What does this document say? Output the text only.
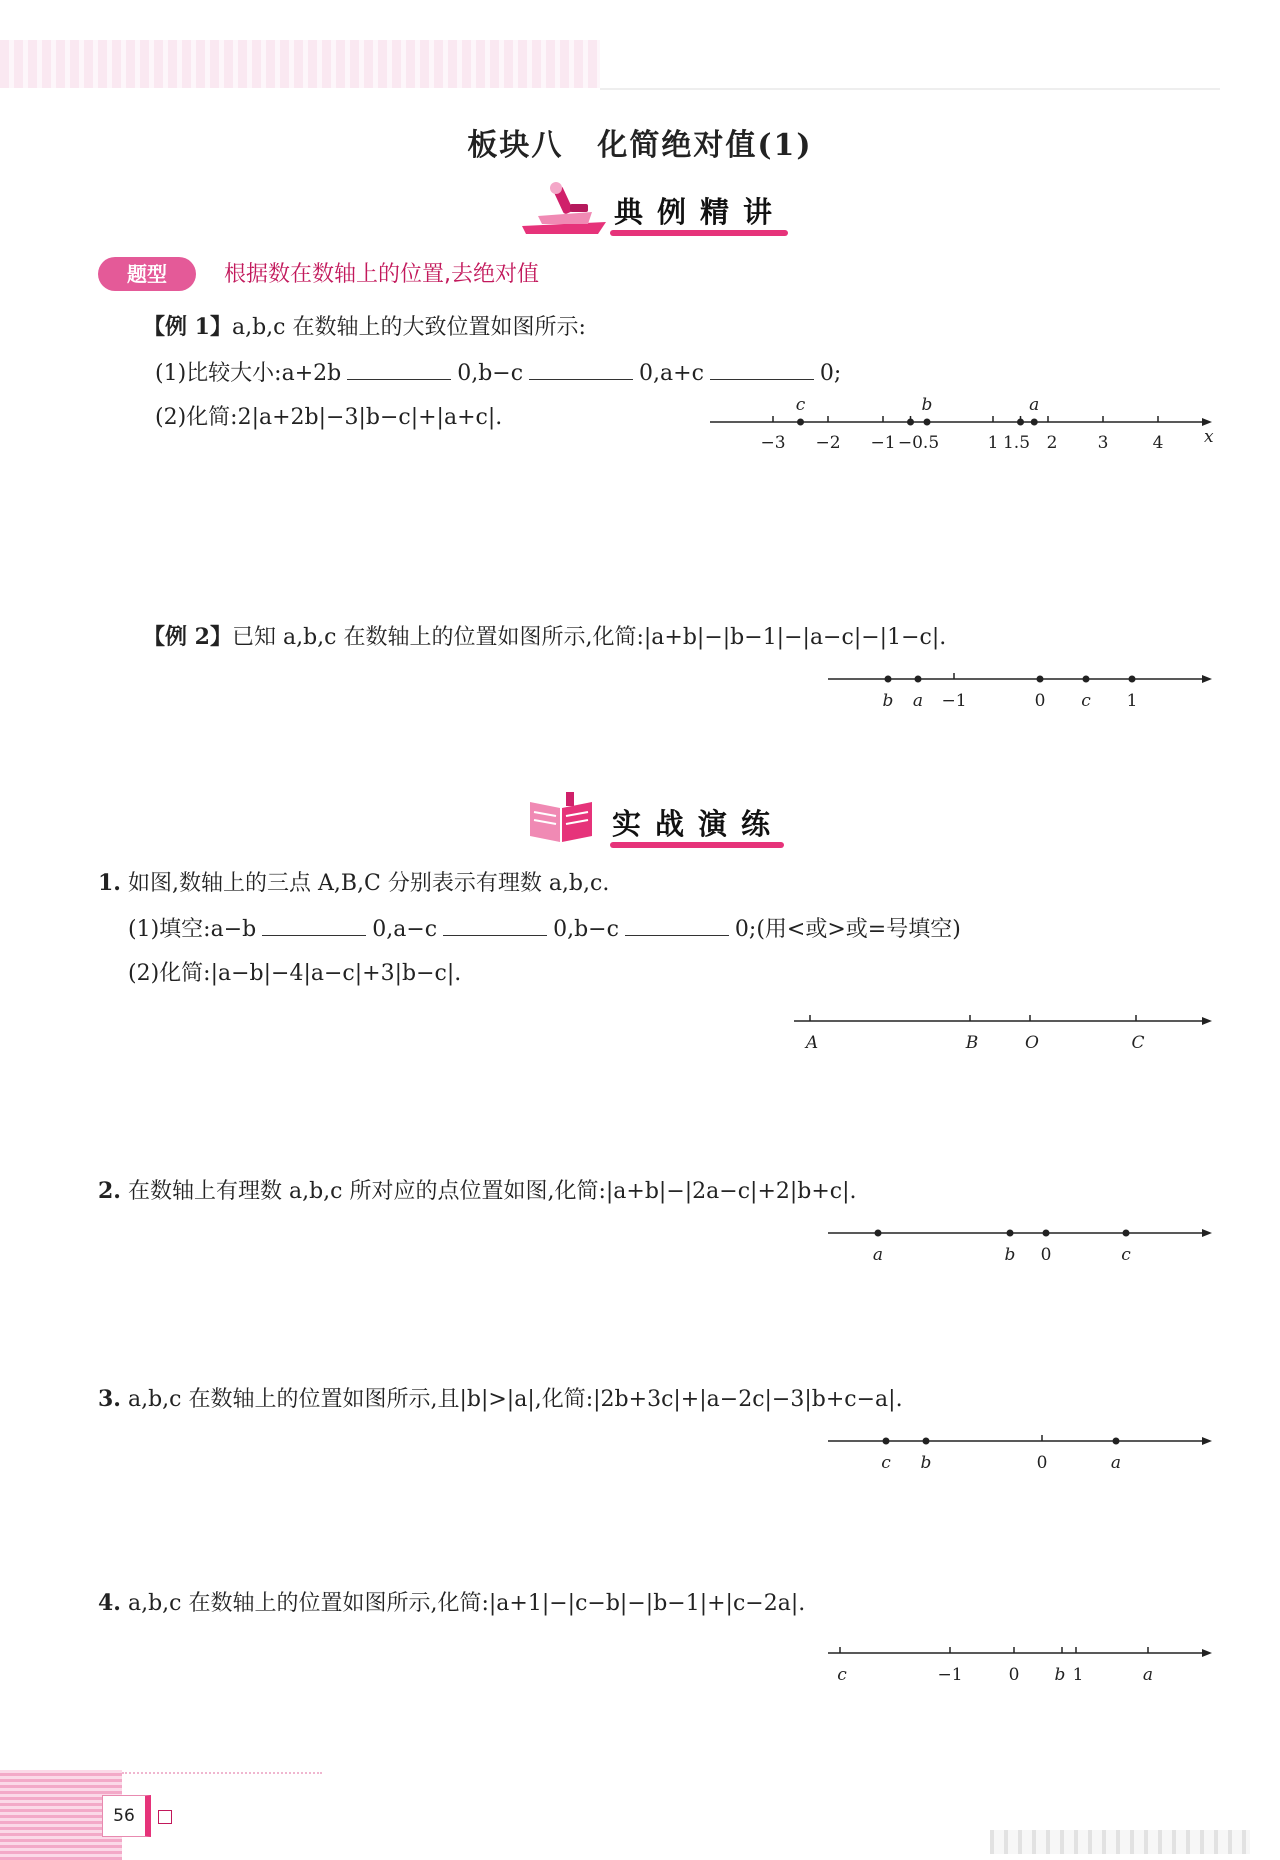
板块八 化简绝对值(1)
典例精讲
题型	根据数在数轴上的位置,去绝对值
【例 1】a,b,c 在数轴上的大致位置如图所示:
(1)比较大小:a+2b	0,b−c	0,a+c	0;
(2)化简:2|a+2b|−3|b−c|+|a+c|.
−3 −2 −1 −0.5	1 1.5 2 3	4
c	b	a
x
【例 2】已知 a,b,c 在数轴上的位置如图所示,化简:|a+b|−|b−1|−|a−c|−|1−c|.
b a −1	0 c 1
实战演练
1. 如图,数轴上的三点 A,B,C 分别表示有理数 a,b,c.
(1)填空:a−b	0,a−c	0,b−c	0;(用<或>或=号填空)
(2)化简:|a−b|−4|a−c|+3|b−c|.
A	B	O	C
2. 在数轴上有理数 a,b,c 所对应的点位置如图,化简:|a+b|−|2a−c|+2|b+c|.
a	b 0	c
3. a,b,c 在数轴上的位置如图所示,且|b|>|a|,化简:|2b+3c|+|a−2c|−3|b+c−a|.
c b	0	a
4. a,b,c 在数轴上的位置如图所示,化简:|a+1|−|c−b|−|b−1|+|c−2a|.
c	−1	0 b 1	a
56
